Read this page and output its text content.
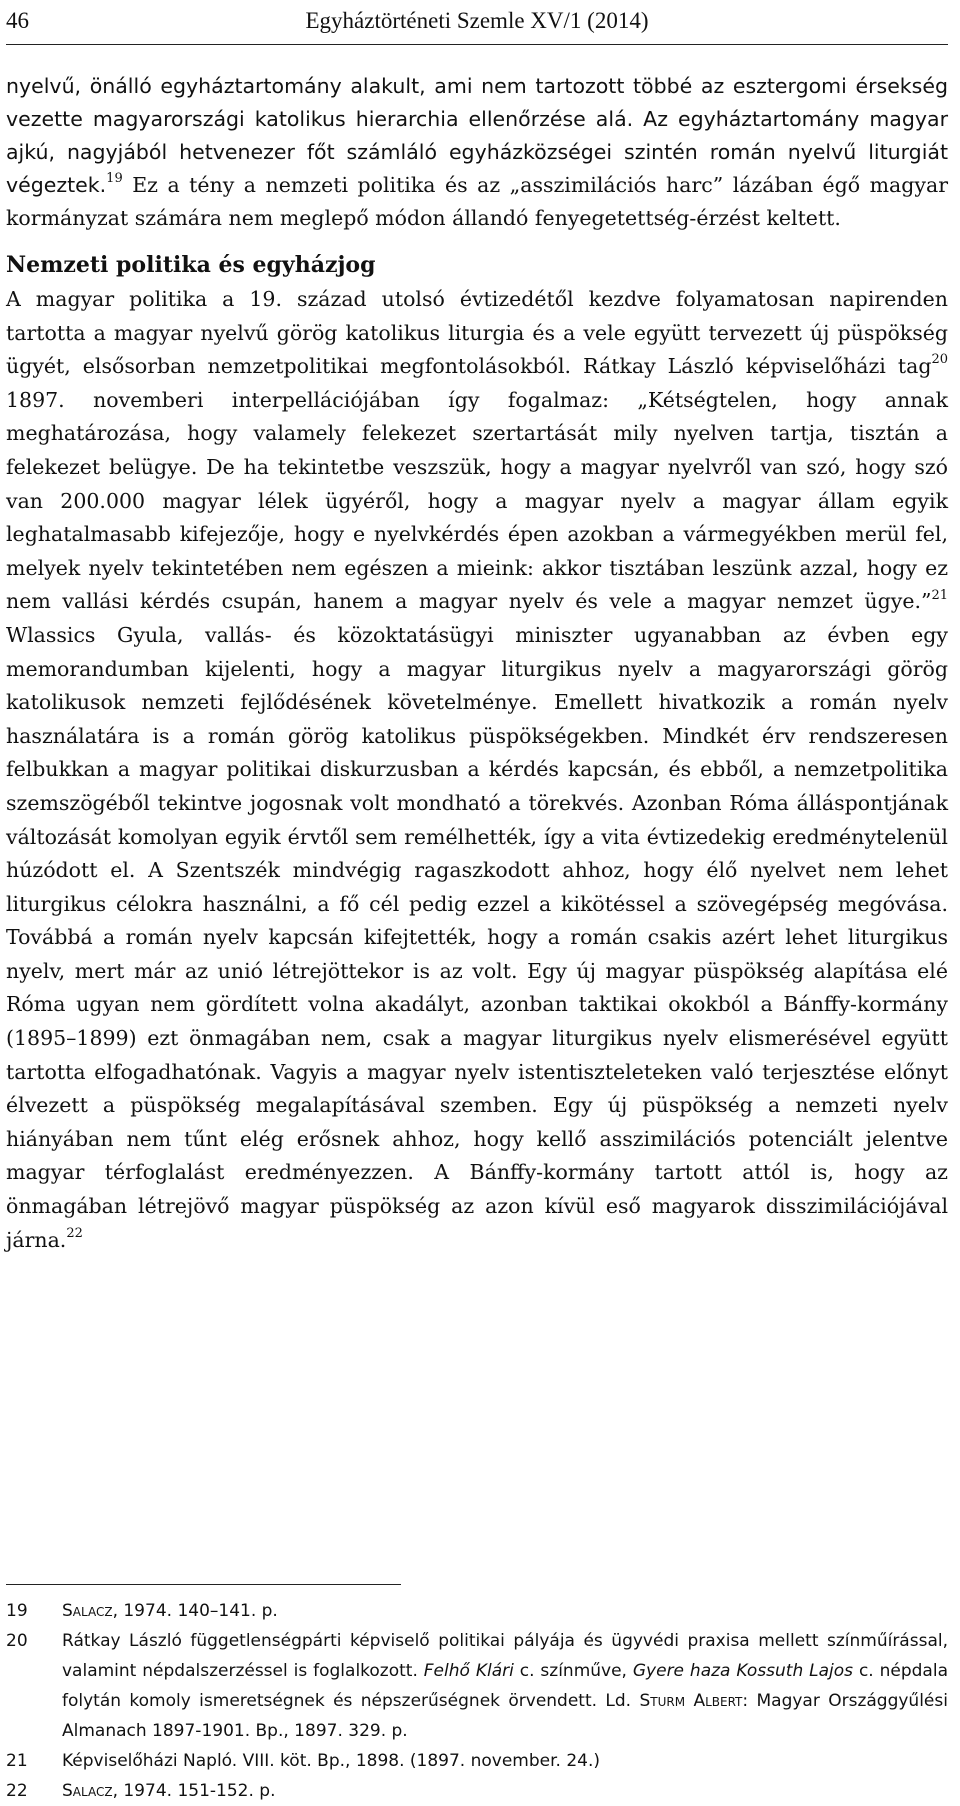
46	Egyháztörténeti Szemle XV/1 (2014)

nyelvű, önálló egyháztartomány alakult, ami nem tartozott többé az esztergomi érsekség vezette magyarországi katolikus hierarchia ellenőrzése alá. Az egyháztartomány magyar ajkú, nagyjából hetvenezer főt számláló egyházközségei szintén román nyelvű liturgiát végeztek.$^{19}$ Ez a tény a nemzeti politika és az „asszimilációs harc” lázában égő magyar kormányzat számára nem meglepő módon állandó fenyegetettség-érzést keltett.

Nemzeti politika és egyházjog

A magyar politika a 19. század utolsó évtizedétől kezdve folyamatosan napirenden tartotta a magyar nyelvű görög katolikus liturgia és a vele együtt tervezett új püspökség ügyét, elsősorban nemzetpolitikai megfontolásokból. Rátkay László képviselőházi tag$^{20}$ 1897. novemberi interpellációjában így fogalmaz: „Kétségtelen, hogy annak meghatározása, hogy valamely felekezet szertartását mily nyelven tartja, tisztán a felekezet belügye. De ha tekintetbe veszszük, hogy a magyar nyelvről van szó, hogy szó van 200.000 magyar lélek ügyéről, hogy a magyar nyelv a magyar állam egyik leghatalmasabb kifejezője, hogy e nyelvkérdés épen azokban a vármegyékben merül fel, melyek nyelv tekintetében nem egészen a mieink: akkor tisztában leszünk azzal, hogy ez nem vallási kérdés csupán, hanem a magyar nyelv és vele a magyar nemzet ügye.”$^{21}$ Wlassics Gyula, vallás- és közoktatásügyi miniszter ugyanabban az évben egy memorandumban kijelenti, hogy a magyar liturgikus nyelv a magyarországi görög katolikusok nemzeti fejlődésének követelménye. Emellett hivatkozik a román nyelv használatára is a román görög katolikus püspökségekben. Mindkét érv rendszeresen felbukkan a magyar politikai diskurzusban a kérdés kapcsán, és ebből, a nemzetpolitika szemszögéből tekintve jogosnak volt mondható a törekvés. Azonban Róma álláspontjának változását komolyan egyik érvtől sem remélhették, így a vita évtizedekig eredménytelenül húzódott el. A Szentszék mindvégig ragaszkodott ahhoz, hogy élő nyelvet nem lehet liturgikus célokra használni, a fő cél pedig ezzel a kikötéssel a szövegépség megóvása. Továbbá a román nyelv kapcsán kifejtették, hogy a román csakis azért lehet liturgikus nyelv, mert már az unió létrejöttekor is az volt. Egy új magyar püspökség alapítása elé Róma ugyan nem gördített volna akadályt, azonban taktikai okokból a Bánffy-kormány (1895–1899) ezt önmagában nem, csak a magyar liturgikus nyelv elismerésével együtt tartotta elfogadhatónak. Vagyis a magyar nyelv istentiszteleteken való terjesztése előnyt élvezett a püspökség megalapításával szemben. Egy új püspökség a nemzeti nyelv hiányában nem tűnt elég erősnek ahhoz, hogy kellő asszimilációs potenciált jelentve magyar térfoglalást eredményezzen. A Bánffy-kormány tartott attól is, hogy az önmagában létrejövő magyar püspökség az azon kívül eső magyarok disszimilációjával járna.$^{22}$

19 Salacz, 1974. 140–141. p.
20 Rátkay László függetlenségpárti képviselő politikai pályája és ügyvédi praxisa mellett színműírással, valamint népdalszerzéssel is foglalkozott. Felhő Klári c. színműve, Gyere haza Kossuth Lajos c. népdala folytán komoly ismeretségnek és népszerűségnek örvendett. Ld. Sturm Albert: Magyar Országgyűlési Almanach 1897-1901. Bp., 1897. 329. p.
21 Képviselőházi Napló. VIII. köt. Bp., 1898. (1897. november. 24.)
22 Salacz, 1974. 151-152. p.
